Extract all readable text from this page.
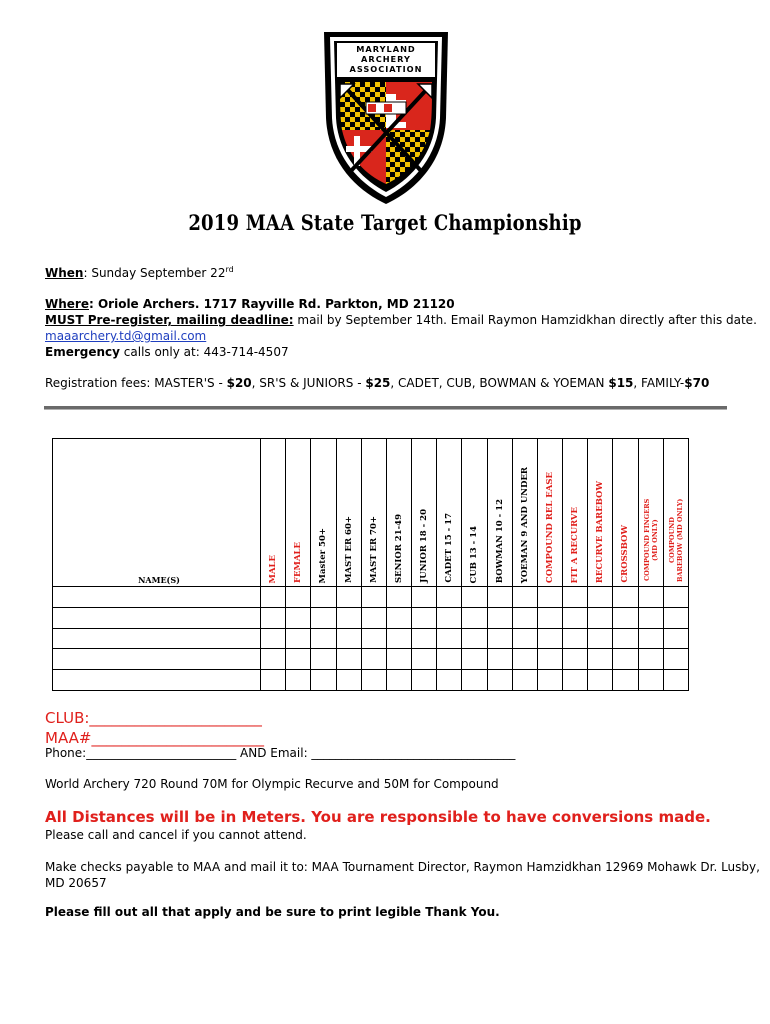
MARYLAND
ARCHERY
ASSOCIATION
2019 MAA State Target Championship
When: Sunday September 22rd
Where: Oriole Archers. 1717 Rayville Rd. Parkton, MD 21120
MUST Pre-register, mailing deadline: mail by September 14th. Email Raymon Hamzidkhan directly after this date.
maaarchery.td@gmail.com
Emergency calls only at: 443-714-4507
Registration fees: MASTER'S - $20, SR'S & JUNIORS - $25, CADET, CUB, BOWMAN & YOEMAN $15, FAMILY-$70
NAME(S)	MALE	FEMALE	Master 50+	MAST ER 60+	MAST ER 70+	SENIOR 21-49	JUNIOR 18 - 20	CADET 15 - 17	CUB 13 - 14	BOWMAN 10 - 12	YOEMAN 9 AND UNDER	COMPOUND REL EASE	FIT A RECURVE	RECURVE BAREBOW	CROSSBOW	COMPOUND FINGERS (MD ONLY)	COMPOUND BAREBOW (MD ONLY)

CLUB:_______________________
MAA#_______________________
Phone:_________________________ AND Email: __________________________________
World Archery 720 Round 70M for Olympic Recurve and 50M for Compound
All Distances will be in Meters. You are responsible to have conversions made.
Please call and cancel if you cannot attend.
Make checks payable to MAA and mail it to: MAA Tournament Director, Raymon Hamzidkhan 12969 Mohawk Dr. Lusby,
MD 20657
Please fill out all that apply and be sure to print legible Thank You.
